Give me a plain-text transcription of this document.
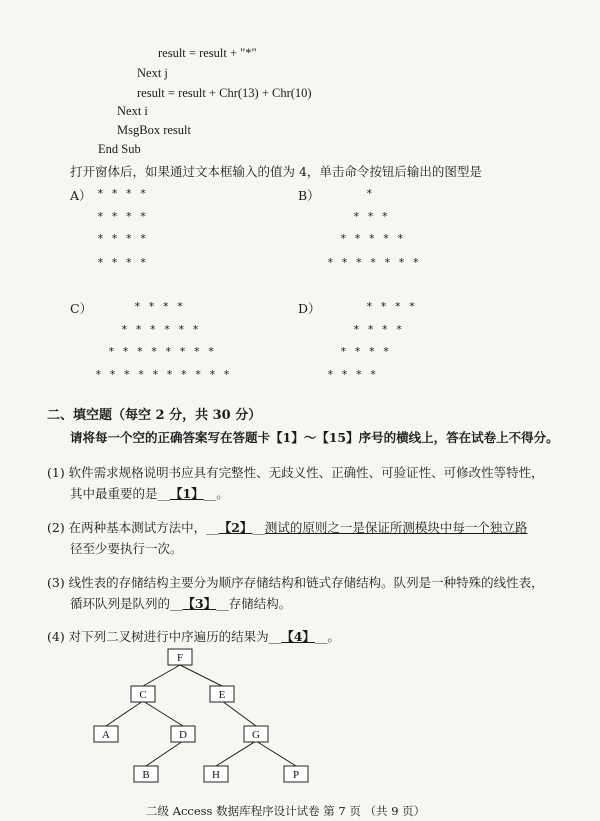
result = result + "*"
Next j
result = result + Chr(13) + Chr(10)
Next i
MsgBox result
End Sub
打开窗体后，如果通过文本框输入的值为 4，单击命令按钮后输出的图型是
A） * * * *
* * * *
* * * *
* * * *
B）	*
* * *
* * * * *
* * * * * * *
C）	* * * *
* * * * * *
* * * * * * * *
* * * * * * * * * *
D）	* * * *
* * * *
* * * *
* * * *
二、填空题（每空 2 分，共 30 分）
请将每一个空的正确答案写在答题卡【1】～【15】序号的横线上，答在试卷上不得分。
(1) 软件需求规格说明书应具有完整性、无歧义性、正确性、可验证性、可修改性等特性，
其中最重要的是__【1】__。
(2) 在两种基本测试方法中，__【2】__测试的原则之一是保证所测模块中每一个独立路
径至少要执行一次。
(3) 线性表的存储结构主要分为顺序存储结构和链式存储结构。队列是一种特殊的线性表，
循环队列是队列的__【3】__存储结构。
(4) 对下列二叉树进行中序遍历的结果为__【4】__。
F
C	E
A	D	G
B	H	P
二级 Access 数据库程序设计试卷 第 7 页 （共 9 页）
